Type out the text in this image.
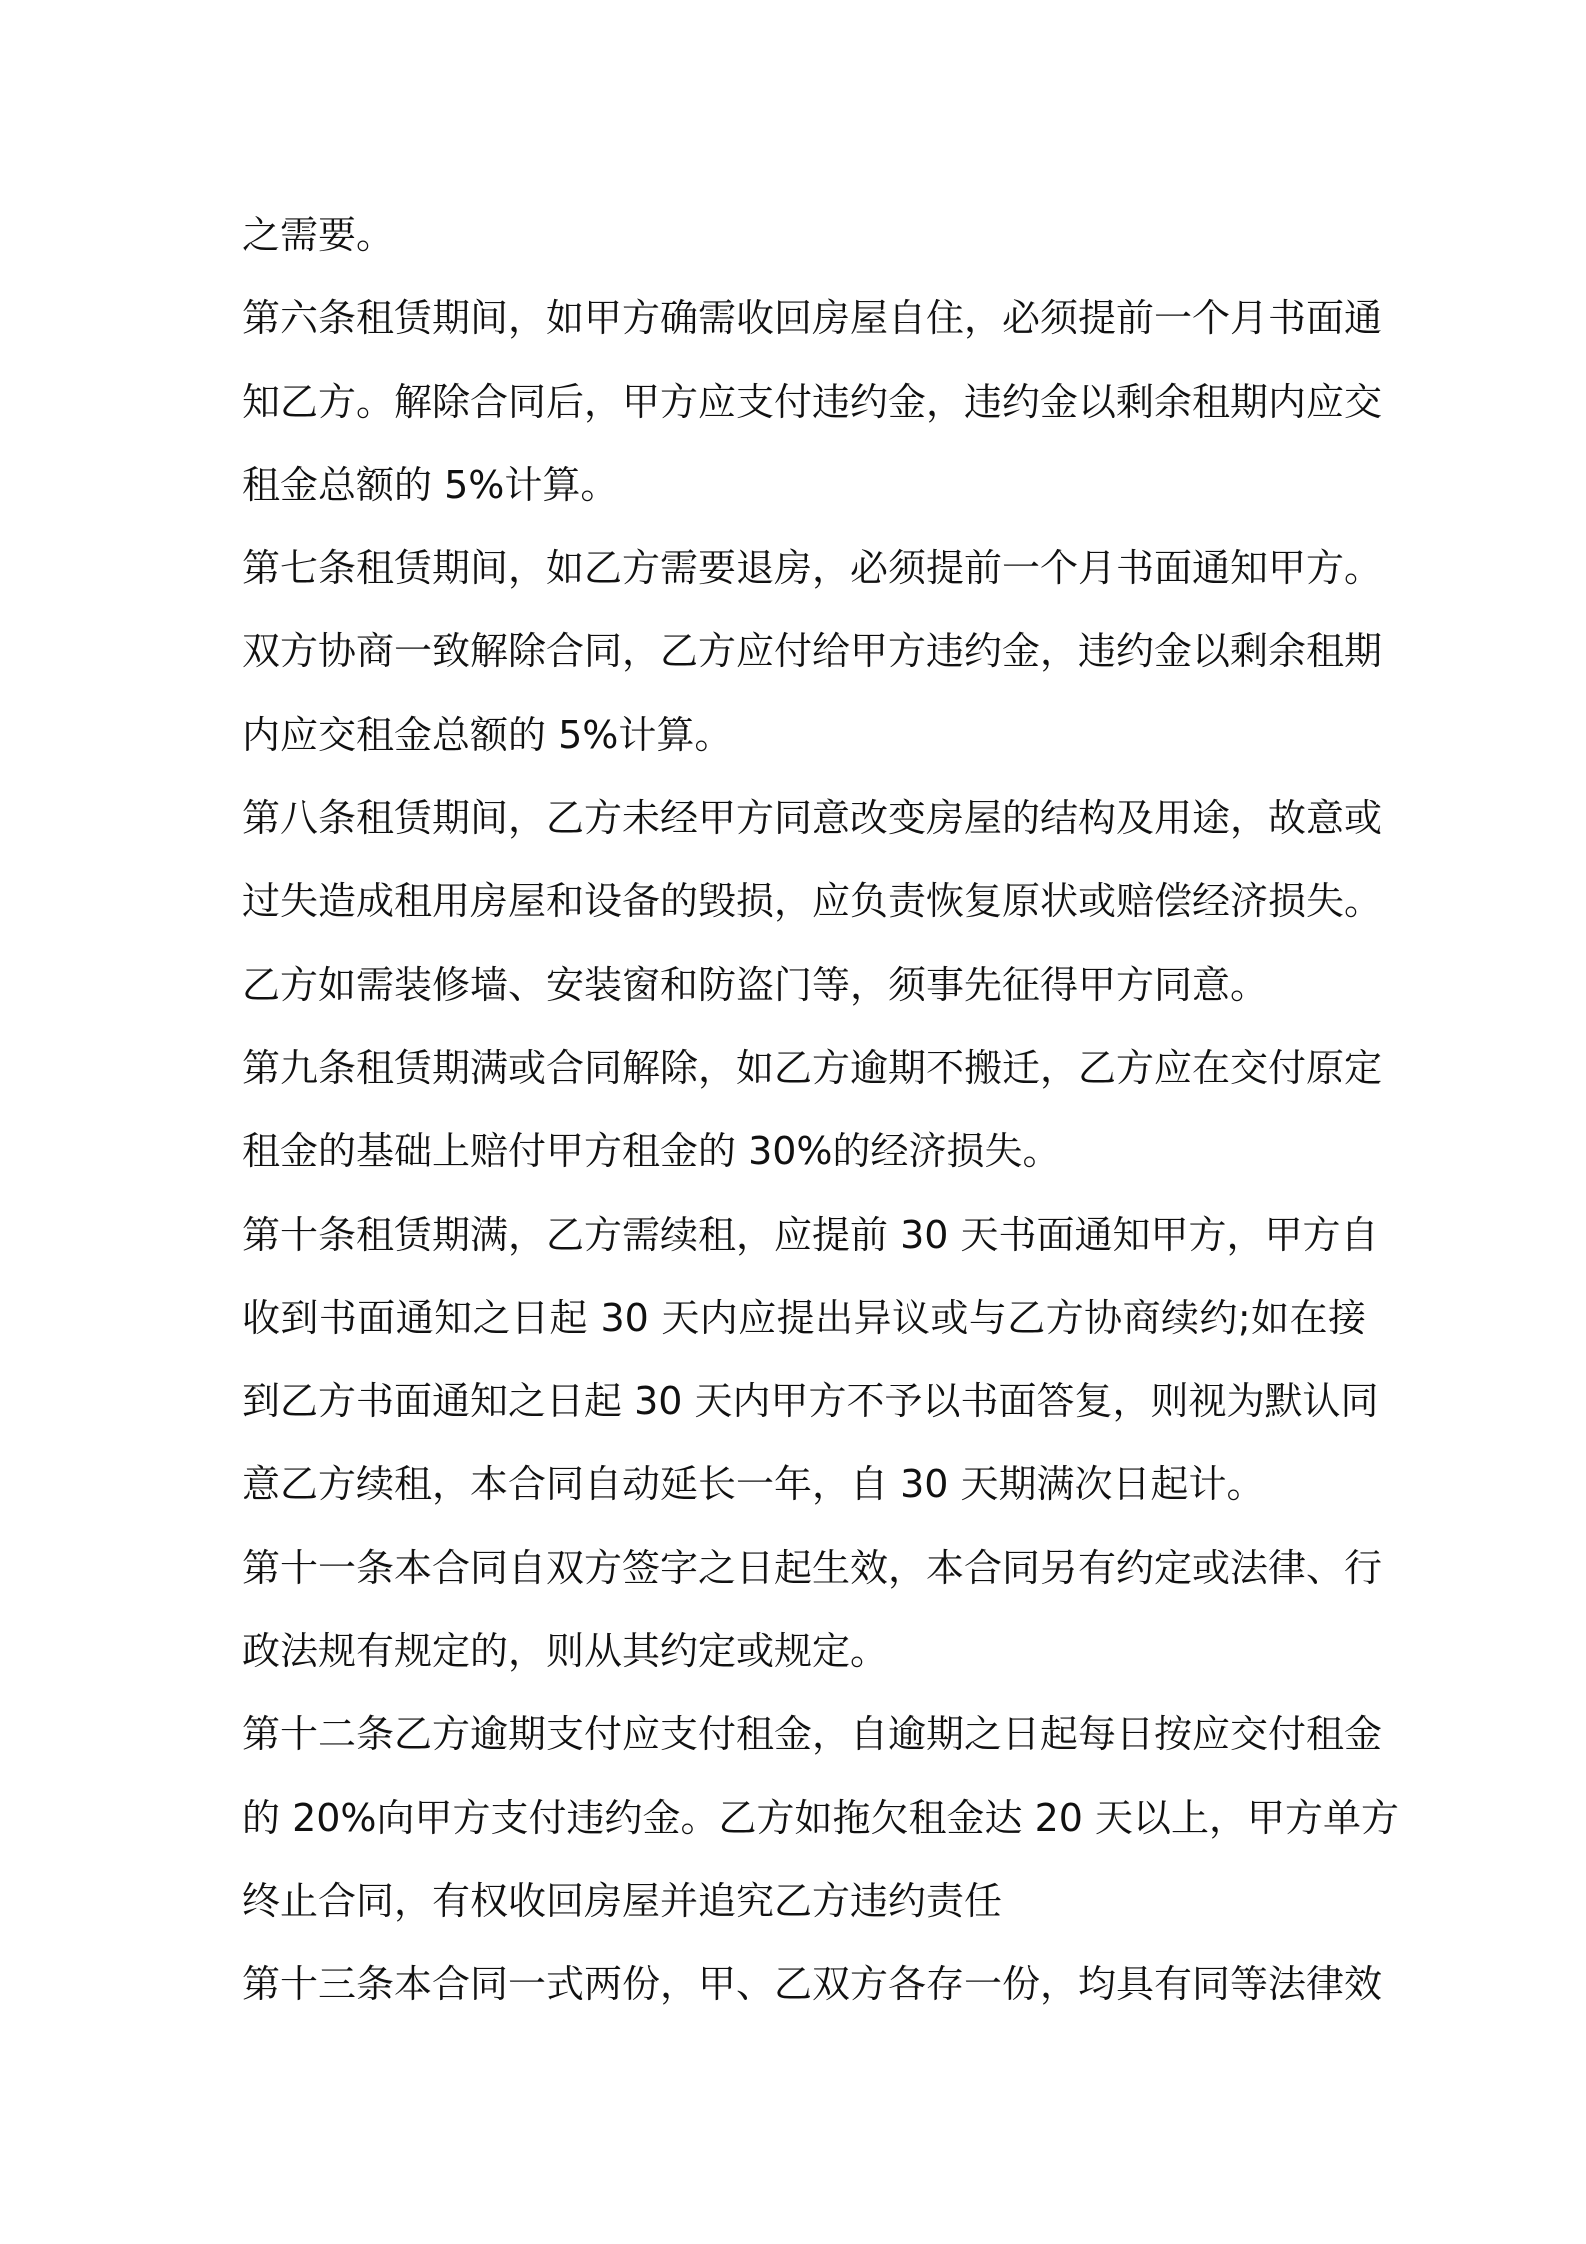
之需要。
第六条租赁期间，如甲方确需收回房屋自住，必须提前一个月书面通
知乙方。解除合同后，甲方应支付违约金，违约金以剩余租期内应交
租金总额的 5%计算。
第七条租赁期间，如乙方需要退房，必须提前一个月书面通知甲方。
双方协商一致解除合同，乙方应付给甲方违约金，违约金以剩余租期
内应交租金总额的 5%计算。
第八条租赁期间，乙方未经甲方同意改变房屋的结构及用途，故意或
过失造成租用房屋和设备的毁损，应负责恢复原状或赔偿经济损失。
乙方如需装修墙、安装窗和防盗门等，须事先征得甲方同意。
第九条租赁期满或合同解除，如乙方逾期不搬迁，乙方应在交付原定
租金的基础上赔付甲方租金的 30%的经济损失。
第十条租赁期满，乙方需续租，应提前 30 天书面通知甲方，甲方自
收到书面通知之日起 30 天内应提出异议或与乙方协商续约;如在接
到乙方书面通知之日起 30 天内甲方不予以书面答复，则视为默认同
意乙方续租，本合同自动延长一年，自 30 天期满次日起计。
第十一条本合同自双方签字之日起生效，本合同另有约定或法律、行
政法规有规定的，则从其约定或规定。
第十二条乙方逾期支付应支付租金，自逾期之日起每日按应交付租金
的 20%向甲方支付违约金。乙方如拖欠租金达 20 天以上，甲方单方
终止合同，有权收回房屋并追究乙方违约责任
第十三条本合同一式两份，甲、乙双方各存一份，均具有同等法律效
